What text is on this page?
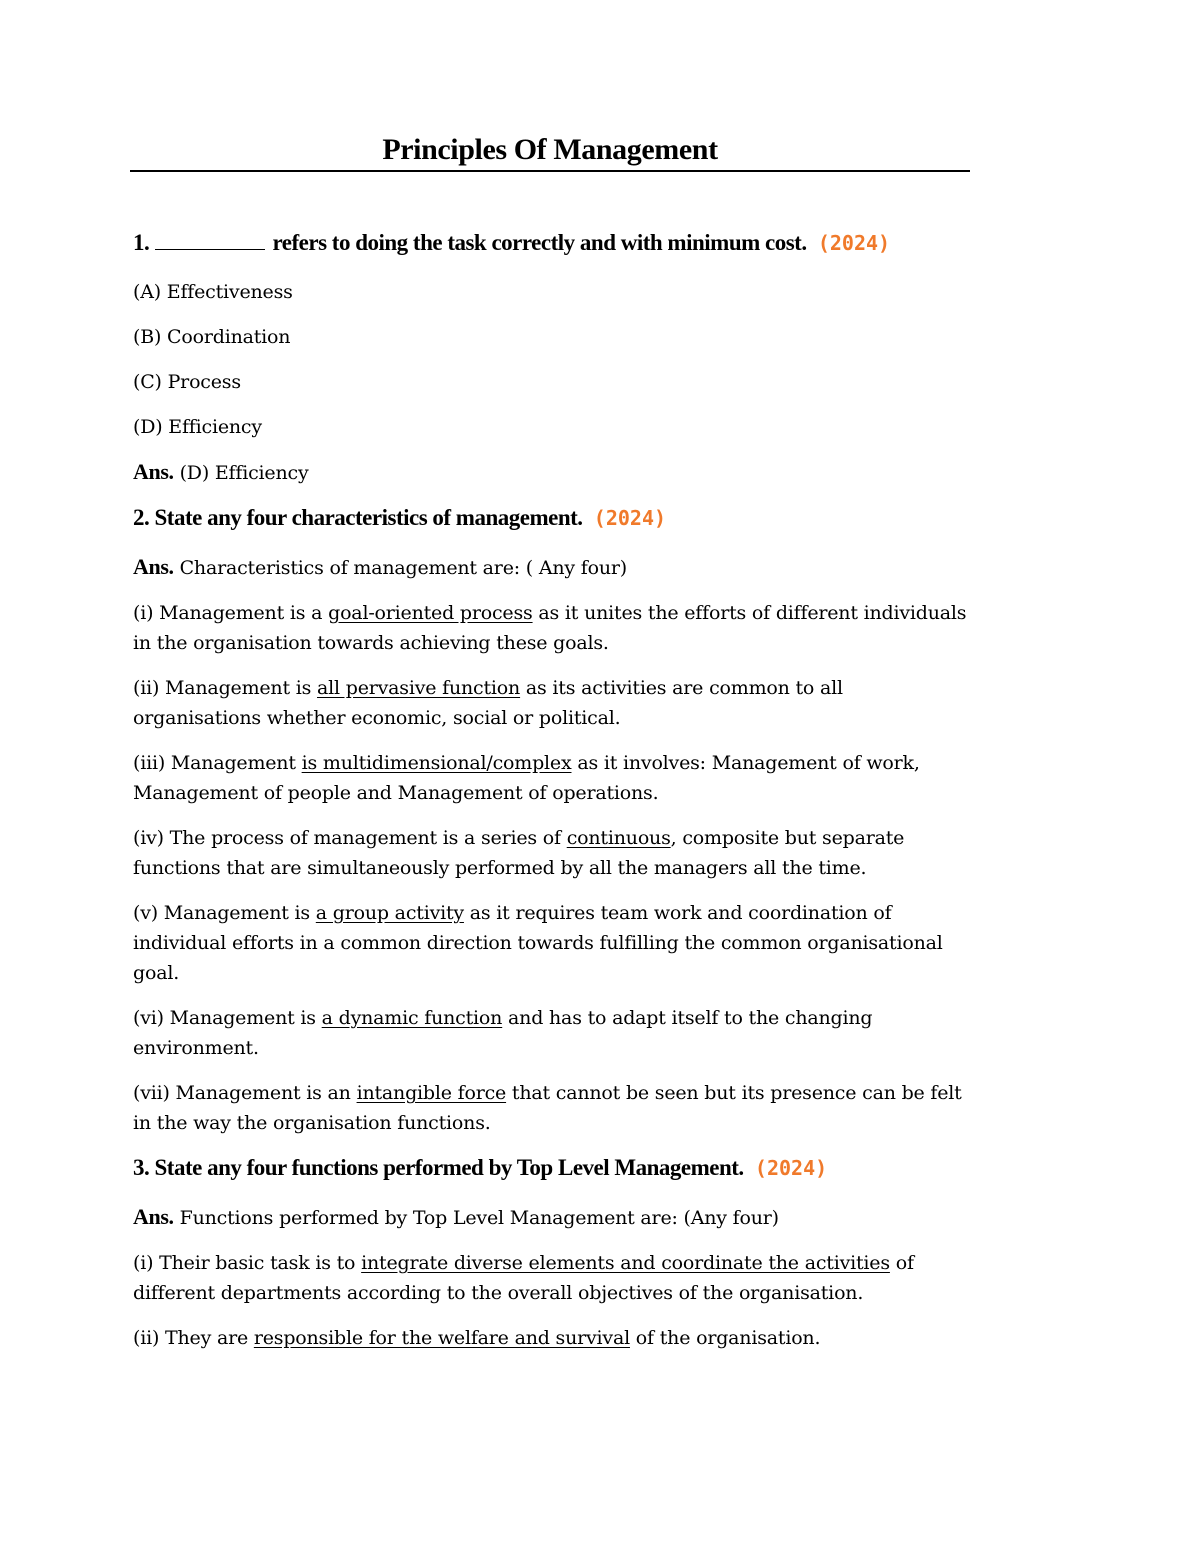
Principles Of Management
1.	refers to doing the task correctly and with minimum cost. (2024)
(A) Effectiveness
(B) Coordination
(C) Process
(D) Efficiency
Ans. (D) Efficiency
2. State any four characteristics of management. (2024)
Ans. Characteristics of management are: ( Any four)
(i) Management is a goal-oriented process as it unites the efforts of different individuals in the organisation towards achieving these goals.
(ii) Management is all pervasive function as its activities are common to all organisations whether economic, social or political.
(iii) Management is multidimensional/complex as it involves: Management of work, Management of people and Management of operations.
(iv) The process of management is a series of continuous, composite but separate functions that are simultaneously performed by all the managers all the time.
(v) Management is a group activity as it requires team work and coordination of individual efforts in a common direction towards fulfilling the common organisational goal.
(vi) Management is a dynamic function and has to adapt itself to the changing environment.
(vii) Management is an intangible force that cannot be seen but its presence can be felt in the way the organisation functions.
3. State any four functions performed by Top Level Management. (2024)
Ans. Functions performed by Top Level Management are: (Any four)
(i) Their basic task is to integrate diverse elements and coordinate the activities of different departments according to the overall objectives of the organisation.
(ii) They are responsible for the welfare and survival of the organisation.
